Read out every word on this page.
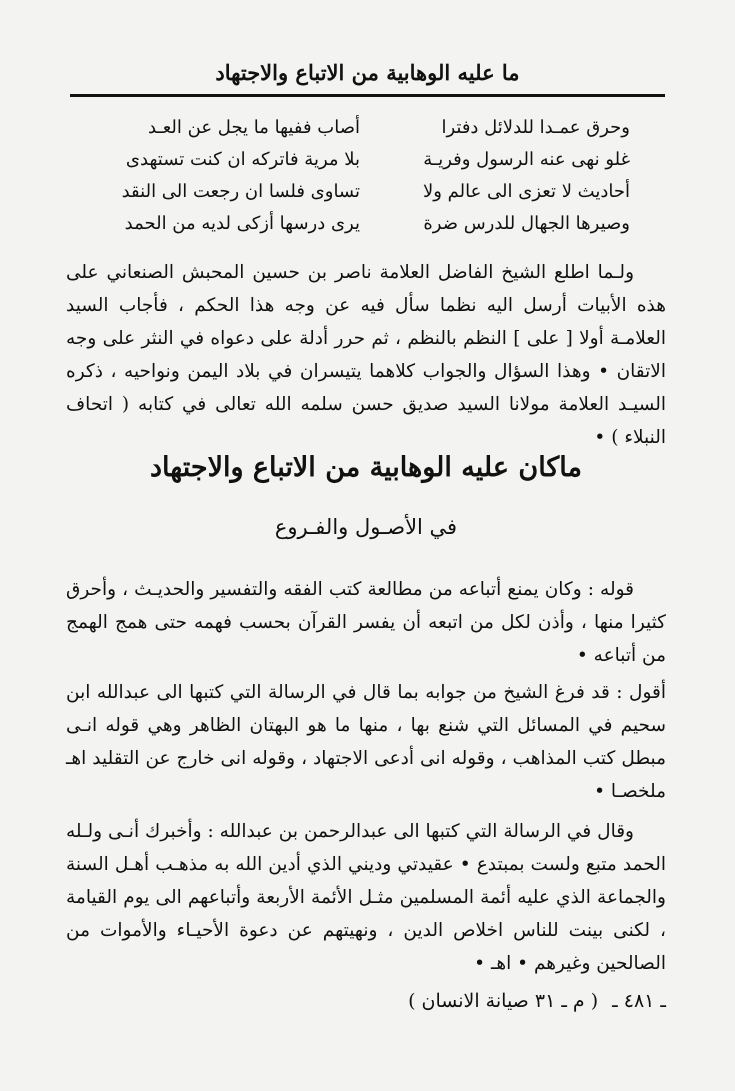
ما عليه الوهابية من الاتباع والاجتهاد
وحرق عمـدا للدلائل دفترا
أصاب ففيها ما يجل عن العـد
غلو نهى عنه الرسول وفريـة
بلا مرية فاتركه ان كنت تستهدى
أحاديث لا تعزى الى عالم ولا
تساوى فلسا ان رجعت الى النقد
وصيرها الجهال للدرس ضرة
يرى درسها أزكى لديه من الحمد
ولـما اطلع الشيخ الفاضل العلامة ناصر بن حسين المحبش الصنعاني على هذه الأبيات أرسل اليه نظما سأل فيه عن وجه هذا الحكم ، فأجاب السيد العلامـة أولا [ على ] النظم بالنظم ، ثم حرر أدلة على دعواه في النثر على وجه الاتقان • وهذا السؤال والجواب كلاهما يتيسران في بلاد اليمن ونواحيه ، ذكره السيـد العلامة مولانا السيد صديق حسن سلمه الله تعالى في كتابه ( اتحاف النبلاء ) •
ماكان عليه الوهابية من الاتباع والاجتهاد
في الأصـول والفـروع
قوله : وكان يمنع أتباعه من مطالعة كتب الفقه والتفسير والحديـث ، وأحرق كثيرا منها ، وأذن لكل من اتبعه أن يفسر القرآن بحسب فهمه حتى همج الهمج من أتباعه •
أقول : قد فرغ الشيخ من جوابه بما قال في الرسالة التي كتبها الى عبدالله ابن سحيم في المسائل التي شنع بها ، منها ما هو البهتان الظاهر وهي قوله انـى مبطل كتب المذاهب ، وقوله انى أدعى الاجتهاد ، وقوله انى خارج عن التقليد اهـ ملخصـا •
وقال في الرسالة التي كتبها الى عبدالرحمن بن عبدالله : وأخبرك أنـى ولـله الحمد متبع ولست بمبتدع • عقيدتي وديني الذي أدين الله به مذهـب أهـل السنة والجماعة الذي عليه أئمة المسلمين مثـل الأئمة الأربعة وأتباعهم الى يوم القيامة ، لكنى بينت للناس اخلاص الدين ، ونهيتهم عن دعوة الأحيـاء والأموات من الصالحين وغيرهم • اهـ •
ـ ٤٨١ ـ
( م ـ ٣١ صيانة الانسان )
